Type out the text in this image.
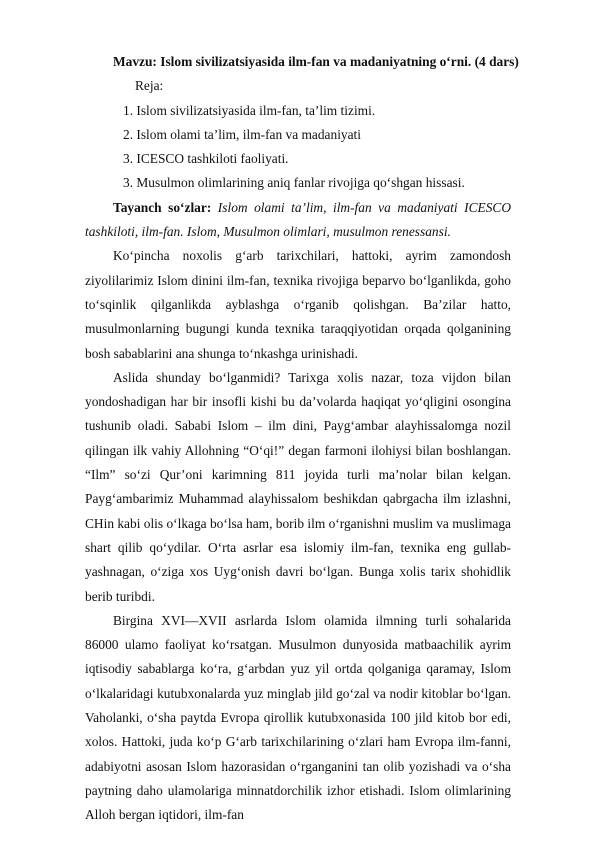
Mavzu: Islom sivilizatsiyasida ilm-fan va madaniyatning o‘rni. (4 dars)

Reja:

1. Islom sivilizatsiyasida ilm-fan, ta’lim tizimi.
2. Islom olami ta’lim, ilm-fan va madaniyati
3. ICESCO tashkiloti faoliyati.
3. Musulmon olimlarining aniq fanlar rivojiga qo‘shgan hissasi.

Tayanch so‘zlar: Islom olami ta’lim, ilm-fan va madaniyati ICESCO tashkiloti, ilm-fan. Islom, Musulmon olimlari, musulmon renessansi.

Ko‘pincha noxolis g‘arb tarixchilari, hattoki, ayrim zamondosh ziyolilarimiz Islom dinini ilm-fan, texnika rivojiga beparvo bo‘lganlikda, goho to‘sqinlik qilganlikda ayblashga o‘rganib qolishgan. Ba’zilar hatto, musulmonlarning bugungi kunda texnika taraqqiyotidan orqada qolganining bosh sabablarini ana shunga to‘nkashga urinishadi.

Aslida shunday bo‘lganmidi? Tarixga xolis nazar, toza vijdon bilan yondoshadigan har bir insofli kishi bu da’volarda haqiqat yo‘qligini osongina tushunib oladi. Sababi Islom – ilm dini, Payg‘ambar alayhissalomga nozil qilingan ilk vahiy Allohning “O‘qi!” degan farmoni ilohiysi bilan boshlangan. “Ilm” so‘zi Qur’oni karimning 811 joyida turli ma’nolar bilan kelgan. Payg‘ambarimiz Muhammad alayhissalom beshikdan qabrgacha ilm izlashni, CHin kabi olis o‘lkaga bo‘lsa ham, borib ilm o‘rganishni muslim va muslimaga shart qilib qo‘ydilar. O‘rta asrlar esa islomiy ilm-fan, texnika eng gullab-yashnagan, o‘ziga xos Uyg‘onish davri bo‘lgan. Bunga xolis tarix shohidlik berib turibdi.

Birgina XVI—XVII asrlarda Islom olamida ilmning turli sohalarida 86000 ulamo faoliyat ko‘rsatgan. Musulmon dunyosida matbaachilik ayrim iqtisodiy sabablarga ko‘ra, g‘arbdan yuz yil ortda qolganiga qaramay, Islom o‘lkalaridagi kutubxonalarda yuz minglab jild go‘zal va nodir kitoblar bo‘lgan. Vaholanki, o‘sha paytda Evropa qirollik kutubxonasida 100 jild kitob bor edi, xolos. Hattoki, juda ko‘p G‘arb tarixchilarining o‘zlari ham Evropa ilm-fanni, adabiyotni asosan Islom hazorasidan o‘rganganini tan olib yozishadi va o‘sha paytning daho ulamolariga minnatdorchilik izhor etishadi. Islom olimlarining Alloh bergan iqtidori, ilm-fan
